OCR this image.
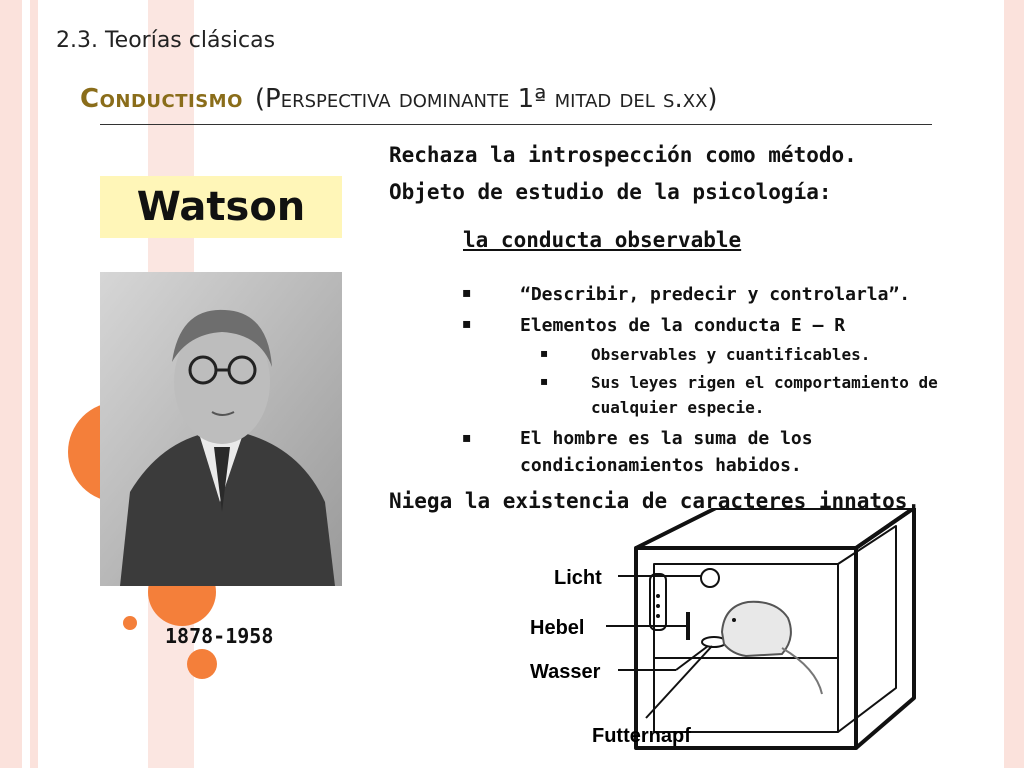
2.3. Teorías clásicas
Conductismo (Perspectiva dominante 1ª mitad del s.xx)
Watson
1878-1958
Rechaza la introspección como método.
Objeto de estudio de la psicología:
la conducta observable
▪	“Describir, predecir y controlarla”.
▪	Elementos de la conducta E – R
▪	Observables y cuantificables.
▪	Sus leyes rigen el comportamiento de
cualquier especie.
▪	El hombre es la suma de los
condicionamientos habidos.
Niega la existencia de caracteres innatos.
Licht
Hebel
Wasser
Futternapf
